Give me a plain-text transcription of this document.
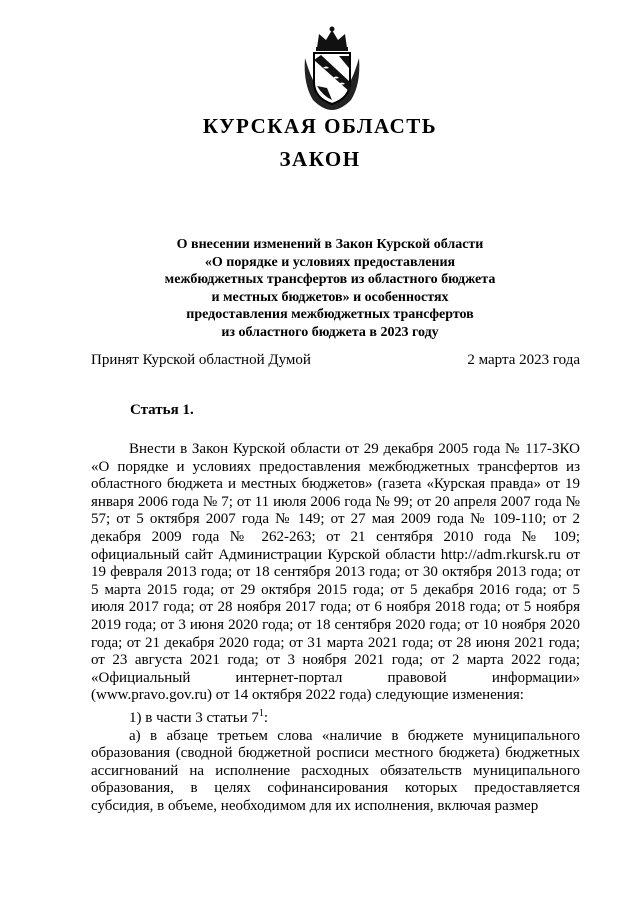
КУРСКАЯ ОБЛАСТЬ
ЗАКОН
О внесении изменений в Закон Курской области
«О порядке и условиях предоставления
межбюджетных трансфертов из областного бюджета
и местных бюджетов» и особенностях
предоставления межбюджетных трансфертов
из областного бюджета в 2023 году
Принят Курской областной Думой	2 марта 2023 года
Статья 1.

Внести в Закон Курской области от 29 декабря 2005 года № 117-ЗКО «О порядке и условиях предоставления межбюджетных трансфертов из областного бюджета и местных бюджетов» (газета «Курская правда» от 19 января 2006 года № 7; от 11 июля 2006 года № 99; от 20 апреля 2007 года № 57; от 5 октября 2007 года № 149; от 27 мая 2009 года № 109-110; от 2 декабря 2009 года № 262-263; от 21 сентября 2010 года № 109; официальный сайт Администрации Курской области http://adm.rkursk.ru от 19 февраля 2013 года; от 18 сентября 2013 года; от 30 октября 2013 года; от 5 марта 2015 года; от 29 октября 2015 года; от 5 декабря 2016 года; от 5 июля 2017 года; от 28 ноября 2017 года; от 6 ноября 2018 года; от 5 ноября 2019 года; от 3 июня 2020 года; от 18 сентября 2020 года; от 10 ноября 2020 года; от 21 декабря 2020 года; от 31 марта 2021 года; от 28 июня 2021 года; от 23 августа 2021 года; от 3 ноября 2021 года; от 2 марта 2022 года; «Официальный интернет-портал правовой информации» (www.pravo.gov.ru) от 14 октября 2022 года) следующие изменения:

1) в части 3 статьи $7^1$:

а) в абзаце третьем слова «наличие в бюджете муниципального образования (сводной бюджетной росписи местного бюджета) бюджетных ассигнований на исполнение расходных обязательств муниципального образования, в целях софинансирования которых предоставляется субсидия, в объеме, необходимом для их исполнения, включая размер
